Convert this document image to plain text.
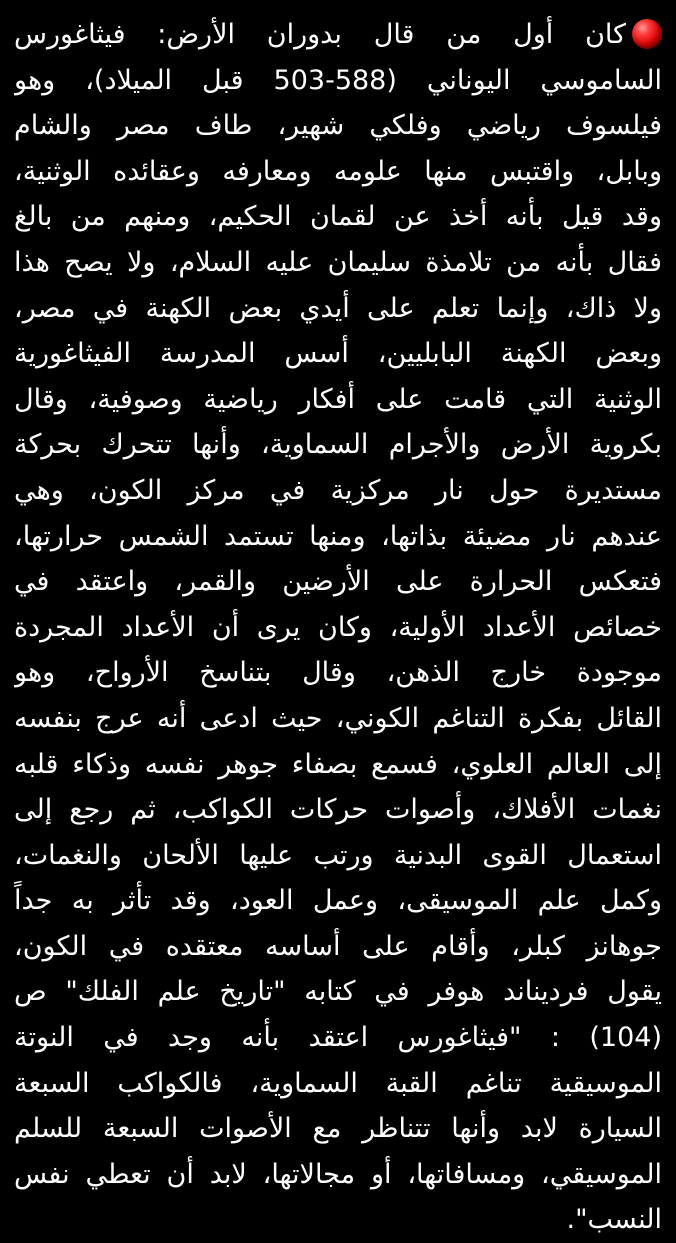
كان أول من قال بدوران الأرض: فيثاغورس
الساموسي اليوناني (588-503 قبل الميلاد)، وهو
فيلسوف رياضي وفلكي شهير، طاف مصر والشام
وبابل، واقتبس منها علومه ومعارفه وعقائده الوثنية،
وقد قيل بأنه أخذ عن لقمان الحكيم، ومنهم من بالغ
فقال بأنه من تلامذة سليمان عليه السلام، ولا يصح هذا
ولا ذاك، وإنما تعلم على أيدي بعض الكهنة في مصر،
وبعض الكهنة البابليين، أسس المدرسة الفيثاغورية
الوثنية التي قامت على أفكار رياضية وصوفية، وقال
بكروية الأرض والأجرام السماوية، وأنها تتحرك بحركة
مستديرة حول نار مركزية في مركز الكون، وهي
عندهم نار مضيئة بذاتها، ومنها تستمد الشمس حرارتها،
فتعكس الحرارة على الأرضين والقمر، واعتقد في
خصائص الأعداد الأولية، وكان يرى أن الأعداد المجردة
موجودة خارج الذهن، وقال بتناسخ الأرواح، وهو
القائل بفكرة التناغم الكوني، حيث ادعى أنه عرج بنفسه
إلى العالم العلوي، فسمع بصفاء جوهر نفسه وذكاء قلبه
نغمات الأفلاك، وأصوات حركات الكواكب، ثم رجع إلى
استعمال القوى البدنية ورتب عليها الألحان والنغمات،
وكمل علم الموسيقى، وعمل العود، وقد تأثر به جداً
جوهانز كبلر، وأقام على أساسه معتقده في الكون،
يقول فرديناند هوفر في كتابه "تاريخ علم الفلك" ص
(104) : "فيثاغورس اعتقد بأنه وجد في النوتة
الموسيقية تناغم القبة السماوية، فالكواكب السبعة
السيارة لابد وأنها تتناظر مع الأصوات السبعة للسلم
الموسيقي، ومسافاتها، أو مجالاتها، لابد أن تعطي نفس
النسب".
